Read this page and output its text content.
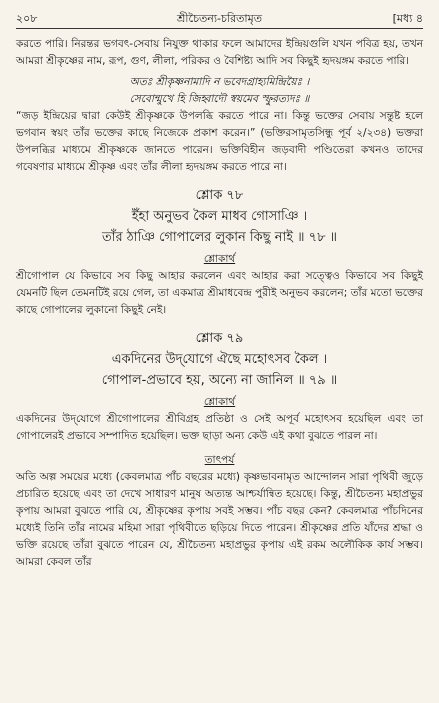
২০৮	শ্রীচৈতন্য-চরিতামৃত	[মধ্য ৪

করতে পারি। নিরন্তর ভগবৎ-সেবায় নিযুক্ত থাকার ফলে আমাদের ইন্দ্রিয়গুলি যখন পবিত্র হয়, তখন আমরা শ্রীকৃষ্ণের নাম, রূপ, গুণ, লীলা, পরিকর ও বৈশিষ্ট্য আদি সব কিছুই হৃদয়ঙ্গম করতে পারি।

অতঃ শ্রীকৃষ্ণনামাদি ন ভবেদগ্রাহ্যমিন্দ্রিয়ৈঃ ।
সেবোন্মুখে হি জিহ্বাদৌ স্বয়মেব স্ফুরত্যদঃ ॥

“জড় ইন্দ্রিয়ের দ্বারা কেউই শ্রীকৃষ্ণকে উপলব্ধি করতে পারে না। কিন্তু ভক্তের সেবায় সন্তুষ্ট হলে ভগবান স্বয়ং তাঁর ভক্তের কাছে নিজেকে প্রকাশ করেন।” (ভক্তিরসামৃতসিন্ধু পূর্ব ২/২৩৪) ভক্তরা উপলব্ধির মাধ্যমে শ্রীকৃষ্ণকে জানতে পারেন। ভক্তিবিহীন জড়বাদী পণ্ডিতেরা কখনও তাদের গবেষণার মাধ্যমে শ্রীকৃষ্ণ এবং তাঁর লীলা হৃদয়ঙ্গম করতে পারে না।

শ্লোক ৭৮
ইঁহা অনুভব কৈল মাধব গোসাঞি ।
তাঁর ঠাঞি গোপালের লুকান কিছু নাই ॥ ৭৮ ॥
শ্লোকার্থ

শ্রীগোপাল যে কিভাবে সব কিছু আহার করলেন এবং আহার করা সত্ত্বেও কিভাবে সব কিছুই যেমনটি ছিল তেমনটিই রয়ে গেল, তা একমাত্র শ্রীমাধবেন্দ্র পুরীই অনুভব করলেন; তাঁর মতো ভক্তের কাছে গোপালের লুকানো কিছুই নেই।

শ্লোক ৭৯
একদিনের উদ্‌যোগে ঐছে মহোৎসব কৈল ।
গোপাল-প্রভাবে হয়, অন্যে না জানিল ॥ ৭৯ ॥
শ্লোকার্থ

একদিনের উদ্‌যোগে শ্রীগোপালের শ্রীবিগ্রহ প্রতিষ্ঠা ও সেই অপূর্ব মহোৎসব হয়েছিল এবং তা গোপালেরই প্রভাবে সম্পাদিত হয়েছিল। ভক্ত ছাড়া অন্য কেউ এই কথা বুঝতে পারল না।

তাৎপর্য

অতি অল্প সময়ের মধ্যে (কেবলমাত্র পাঁচ বছরের মধ্যে) কৃষ্ণভাবনামৃত আন্দোলন সারা পৃথিবী জুড়ে প্রচারিত হয়েছে এবং তা দেখে সাধারণ মানুষ অত্যন্ত আশ্চর্যান্বিত হয়েছে। কিন্তু, শ্রীচৈতন্য মহাপ্রভুর কৃপায় আমরা বুঝতে পারি যে, শ্রীকৃষ্ণের কৃপায় সবই সম্ভব। পাঁচ বছর কেন? কেবলমাত্র পাঁচদিনের মধ্যেই তিনি তাঁর নামের মহিমা সারা পৃথিবীতে ছড়িয়ে দিতে পারেন। শ্রীকৃষ্ণের প্রতি যাঁদের শ্রদ্ধা ও ভক্তি রয়েছে তাঁরা বুঝতে পারেন যে, শ্রীচৈতন্য মহাপ্রভুর কৃপায় এই রকম অলৌকিক কার্য সম্ভব। আমরা কেবল তাঁর
